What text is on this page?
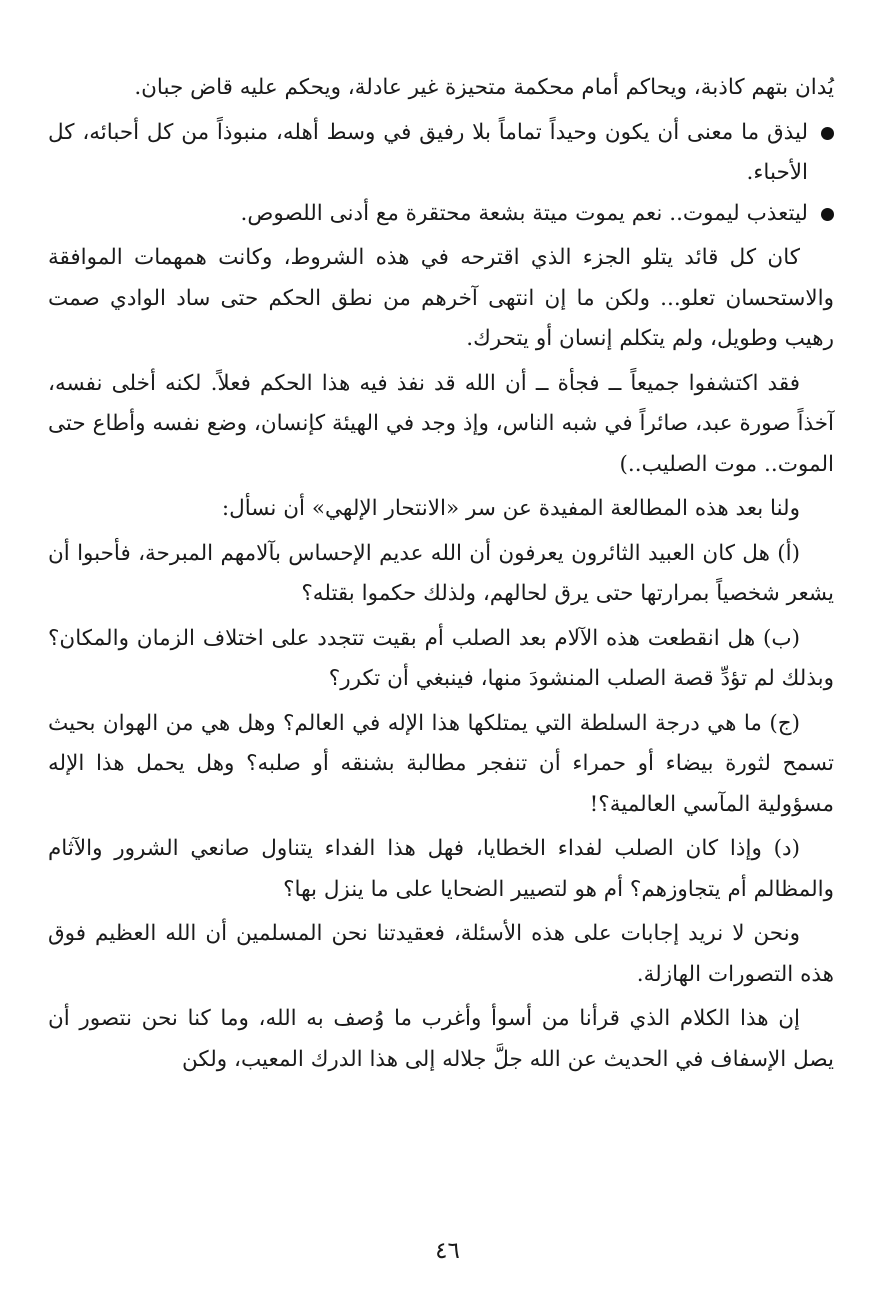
يُدان بتهم كاذبة، ويحاكم أمام محكمة متحيزة غير عادلة، ويحكم عليه قاض جبان.

ليذق ما معنى أن يكون وحيداً تماماً بلا رفيق في وسط أهله، منبوذاً من كل أحبائه، كل الأحباء.
ليتعذب ليموت.. نعم يموت ميتة بشعة محتقرة مع أدنى اللصوص.

كان كل قائد يتلو الجزء الذي اقترحه في هذه الشروط، وكانت همهمات الموافقة والاستحسان تعلو... ولكن ما إن انتهى آخرهم من نطق الحكم حتى ساد الوادي صمت رهيب وطويل، ولم يتكلم إنسان أو يتحرك.

فقد اكتشفوا جميعاً ــ فجأة ــ أن الله قد نفذ فيه هذا الحكم فعلاً. لكنه أخلى نفسه، آخذاً صورة عبد، صائراً في شبه الناس، وإذ وجد في الهيئة كإنسان، وضع نفسه وأطاع حتى الموت.. موت الصليب..)

ولنا بعد هذه المطالعة المفيدة عن سر «الانتحار الإلهي» أن نسأل:

(أ) هل كان العبيد الثائرون يعرفون أن الله عديم الإحساس بآلامهم المبرحة، فأحبوا أن يشعر شخصياً بمرارتها حتى يرق لحالهم، ولذلك حكموا بقتله؟

(ب) هل انقطعت هذه الآلام بعد الصلب أم بقيت تتجدد على اختلاف الزمان والمكان؟ وبذلك لم تؤدِّ قصة الصلب المنشودَ منها، فينبغي أن تكرر؟

(ج) ما هي درجة السلطة التي يمتلكها هذا الإله في العالم؟ وهل هي من الهوان بحيث تسمح لثورة بيضاء أو حمراء أن تنفجر مطالبة بشنقه أو صلبه؟ وهل يحمل هذا الإله مسؤولية المآسي العالمية؟!

(د) وإذا كان الصلب لفداء الخطايا، فهل هذا الفداء يتناول صانعي الشرور والآثام والمظالم أم يتجاوزهم؟ أم هو لتصيير الضحايا على ما ينزل بها؟

ونحن لا نريد إجابات على هذه الأسئلة، فعقيدتنا نحن المسلمين أن الله العظيم فوق هذه التصورات الهازلة.

إن هذا الكلام الذي قرأنا من أسوأ وأغرب ما وُصف به الله، وما كنا نحن نتصور أن يصل الإسفاف في الحديث عن الله جلَّ جلاله إلى هذا الدرك المعيب، ولكن

٤٦
